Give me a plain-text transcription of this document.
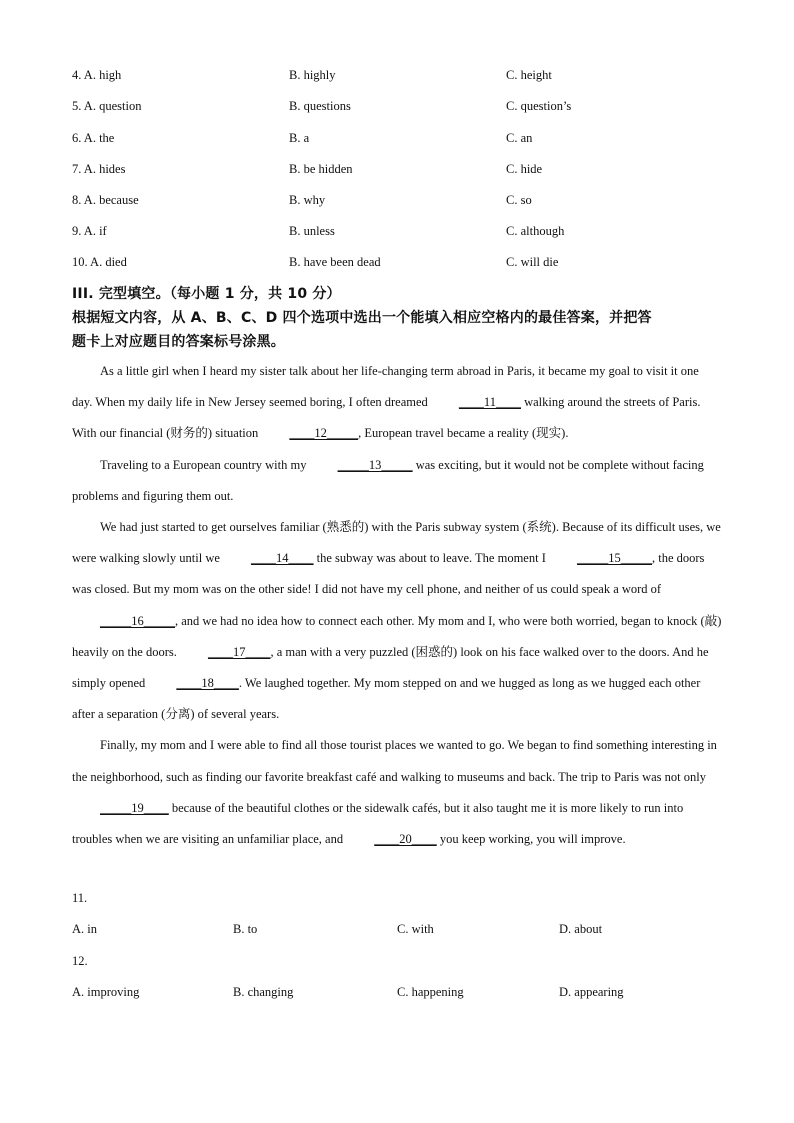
4. A. high	B. highly	C. height
5. A. question	B. questions	C. question’s
6. A. the	B. a	C. an
7. A. hides	B. be hidden	C. hide
8. A. because	B. why	C. so
9. A. if	B. unless	C. although
10. A. died	B. have been dead	C. will die
III. 完型填空。（每小题 1 分，共 10 分）
根据短文内容，从 A、B、C、D 四个选项中选出一个能填入相应空格内的最佳答案，并把答
题卡上对应题目的答案标号涂黑。

As a little girl when I heard my sister talk about her life-changing term abroad in Paris, it became my goal to visit it one day. When my daily life in New Jersey seemed boring, I often dreamed ____11____ walking around the streets of Paris. With our financial (财务的) situation ____12_____, European travel became a reality (现实).

Traveling to a European country with my _____13_____ was exciting, but it would not be complete without facing problems and figuring them out.

We had just started to get ourselves familiar (熟悉的) with the Paris subway system (系统). Because of its difficult uses, we were walking slowly until we ____14____ the subway was about to leave. The moment I _____15_____, the doors was closed. But my mom was on the other side! I did not have my cell phone, and neither of us could speak a word of _____16_____, and we had no idea how to connect each other. My mom and I, who were both worried, began to knock (敲) heavily on the doors. ____17____, a man with a very puzzled (困惑的) look on his face walked over to the doors. And he simply opened ____18____. We laughed together. My mom stepped on and we hugged as long as we hugged each other after a separation (分离) of several years.

Finally, my mom and I were able to find all those tourist places we wanted to go. We began to find something interesting in the neighborhood, such as finding our favorite breakfast café and walking to museums and back. The trip to Paris was not only _____19____ because of the beautiful clothes or the sidewalk cafés, but it also taught me it is more likely to run into troubles when we are visiting an unfamiliar place, and ____20____ you keep working, you will improve.

11.
A. in	B. to	C. with	D. about
12.
A. improving	B. changing	C. happening	D. appearing
